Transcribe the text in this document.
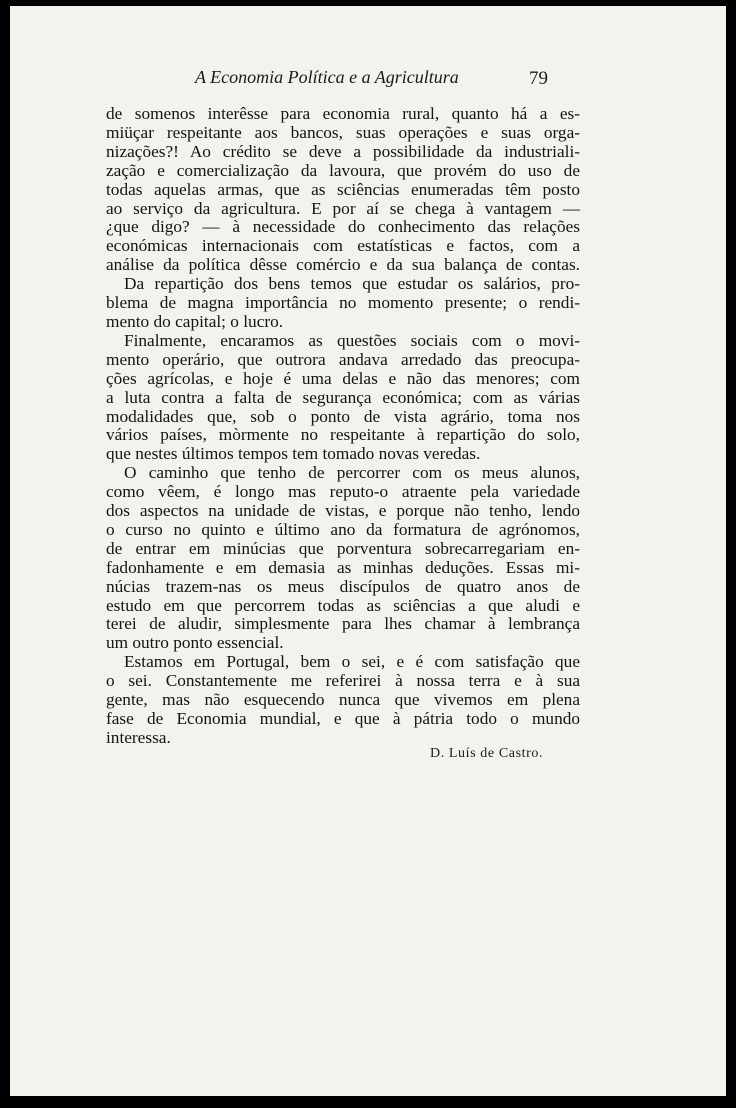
A Economia Política e a Agricultura	79
de somenos interêsse para economia rural, quanto há a es-
miüçar respeitante aos bancos, suas operações e suas orga-
nizações?! Ao crédito se deve a possibilidade da industriali-
zação e comercialização da lavoura, que provém do uso de
todas aquelas armas, que as sciências enumeradas têm posto
ao serviço da agricultura. E por aí se chega à vantagem —
¿que digo? — à necessidade do conhecimento das relações
económicas internacionais com estatísticas e factos, com a
análise da política dêsse comércio e da sua balança de contas.
Da repartição dos bens temos que estudar os salários, pro-
blema de magna importância no momento presente; o rendi-
mento do capital; o lucro.
Finalmente, encaramos as questões sociais com o movi-
mento operário, que outrora andava arredado das preocupa-
ções agrícolas, e hoje é uma delas e não das menores; com
a luta contra a falta de segurança económica; com as várias
modalidades que, sob o ponto de vista agrário, toma nos
vários países, mòrmente no respeitante à repartição do solo,
que nestes últimos tempos tem tomado novas veredas.
O caminho que tenho de percorrer com os meus alunos,
como vêem, é longo mas reputo-o atraente pela variedade
dos aspectos na unidade de vistas, e porque não tenho, lendo
o curso no quinto e último ano da formatura de agrónomos,
de entrar em minúcias que porventura sobrecarregariam en-
fadonhamente e em demasia as minhas deduções. Essas mi-
núcias trazem-nas os meus discípulos de quatro anos de
estudo em que percorrem todas as sciências a que aludi e
terei de aludir, simplesmente para lhes chamar à lembrança
um outro ponto essencial.
Estamos em Portugal, bem o sei, e é com satisfação que
o sei. Constantemente me referirei à nossa terra e à sua
gente, mas não esquecendo nunca que vivemos em plena
fase de Economia mundial, e que à pátria todo o mundo
interessa.
D. Luís de Castro.
